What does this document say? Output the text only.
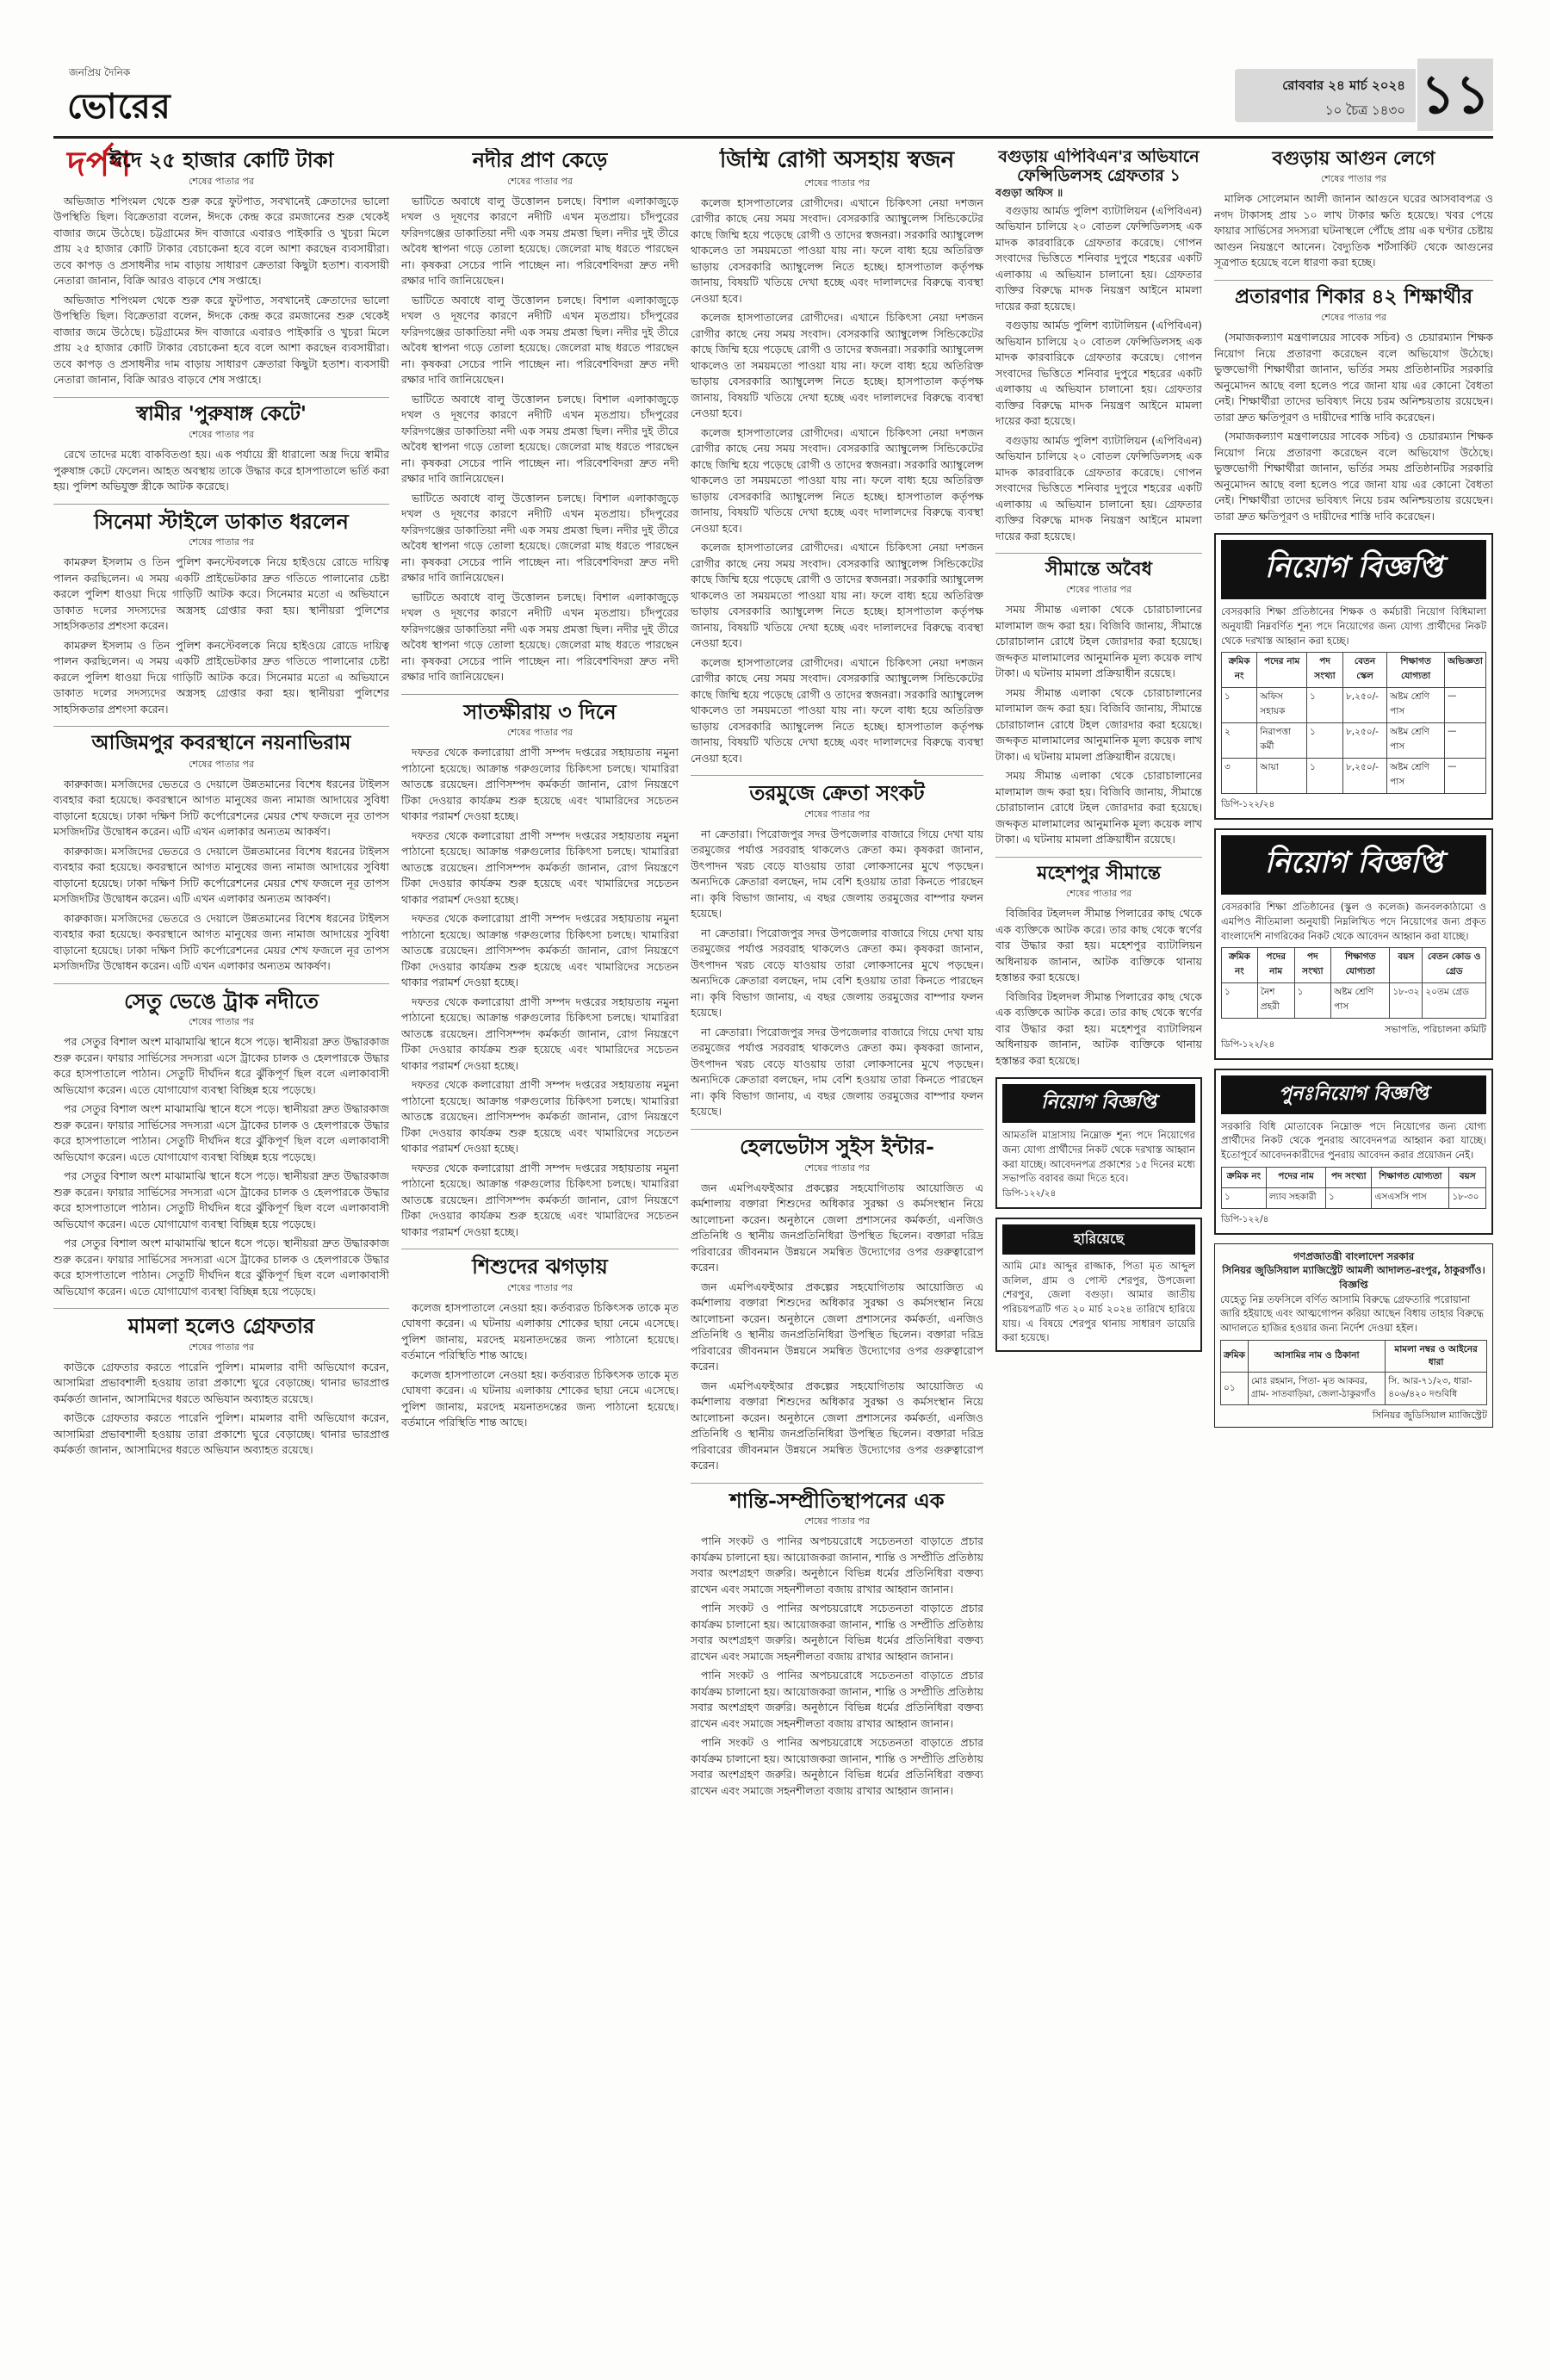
জনপ্রিয় দৈনিক
ভোরের দর্পণ
রোববার ২৪ মার্চ ২০২৪
১০ চৈত্র ১৪৩০ ১১
ঈদে ২৫ হাজার কোটি টাকা
শেষের পাতার পর

অভিজাত শপিংমল থেকে শুরু করে ফুটপাত, সবখানেই ক্রেতাদের ভালো উপস্থিতি ছিল। বিক্রেতারা বলেন, ঈদকে কেন্দ্র করে রমজানের শুরু থেকেই বাজার জমে উঠেছে। চট্টগ্রামের ঈদ বাজারে এবারও পাইকারি ও খুচরা মিলে প্রায় ২৫ হাজার কোটি টাকার বেচাকেনা হবে বলে আশা করছেন ব্যবসায়ীরা। তবে কাপড় ও প্রসাধনীর দাম বাড়ায় সাধারণ ক্রেতারা কিছুটা হতাশ। ব্যবসায়ী নেতারা জানান, বিক্রি আরও বাড়বে শেষ সপ্তাহে।

অভিজাত শপিংমল থেকে শুরু করে ফুটপাত, সবখানেই ক্রেতাদের ভালো উপস্থিতি ছিল। বিক্রেতারা বলেন, ঈদকে কেন্দ্র করে রমজানের শুরু থেকেই বাজার জমে উঠেছে। চট্টগ্রামের ঈদ বাজারে এবারও পাইকারি ও খুচরা মিলে প্রায় ২৫ হাজার কোটি টাকার বেচাকেনা হবে বলে আশা করছেন ব্যবসায়ীরা। তবে কাপড় ও প্রসাধনীর দাম বাড়ায় সাধারণ ক্রেতারা কিছুটা হতাশ। ব্যবসায়ী নেতারা জানান, বিক্রি আরও বাড়বে শেষ সপ্তাহে।

স্বামীর 'পুরুষাঙ্গ কেটে'
শেষের পাতার পর

রেখে তাদের মধ্যে বাকবিতণ্ডা হয়। এক পর্যায়ে স্ত্রী ধারালো অস্ত্র দিয়ে স্বামীর পুরুষাঙ্গ কেটে ফেলেন। আহত অবস্থায় তাকে উদ্ধার করে হাসপাতালে ভর্তি করা হয়। পুলিশ অভিযুক্ত স্ত্রীকে আটক করেছে।

সিনেমা স্টাইলে ডাকাত ধরলেন
শেষের পাতার পর

কামরুল ইসলাম ও তিন পুলিশ কনস্টেবলকে নিয়ে হাইওয়ে রোডে দায়িত্ব পালন করছিলেন। এ সময় একটি প্রাইভেটকার দ্রুত গতিতে পালানোর চেষ্টা করলে পুলিশ ধাওয়া দিয়ে গাড়িটি আটক করে। সিনেমার মতো এ অভিযানে ডাকাত দলের সদস্যদের অস্ত্রসহ গ্রেপ্তার করা হয়। স্থানীয়রা পুলিশের সাহসিকতার প্রশংসা করেন।

কামরুল ইসলাম ও তিন পুলিশ কনস্টেবলকে নিয়ে হাইওয়ে রোডে দায়িত্ব পালন করছিলেন। এ সময় একটি প্রাইভেটকার দ্রুত গতিতে পালানোর চেষ্টা করলে পুলিশ ধাওয়া দিয়ে গাড়িটি আটক করে। সিনেমার মতো এ অভিযানে ডাকাত দলের সদস্যদের অস্ত্রসহ গ্রেপ্তার করা হয়। স্থানীয়রা পুলিশের সাহসিকতার প্রশংসা করেন।

আজিমপুর কবরস্থানে নয়নাভিরাম
শেষের পাতার পর

কারুকাজ। মসজিদের ভেতরে ও দেয়ালে উন্নতমানের বিশেষ ধরনের টাইলস ব্যবহার করা হয়েছে। কবরস্থানে আগত মানুষের জন্য নামাজ আদায়ের সুবিধা বাড়ানো হয়েছে। ঢাকা দক্ষিণ সিটি কর্পোরেশনের মেয়র শেখ ফজলে নূর তাপস মসজিদটির উদ্বোধন করেন। এটি এখন এলাকার অন্যতম আকর্ষণ।

কারুকাজ। মসজিদের ভেতরে ও দেয়ালে উন্নতমানের বিশেষ ধরনের টাইলস ব্যবহার করা হয়েছে। কবরস্থানে আগত মানুষের জন্য নামাজ আদায়ের সুবিধা বাড়ানো হয়েছে। ঢাকা দক্ষিণ সিটি কর্পোরেশনের মেয়র শেখ ফজলে নূর তাপস মসজিদটির উদ্বোধন করেন। এটি এখন এলাকার অন্যতম আকর্ষণ।

কারুকাজ। মসজিদের ভেতরে ও দেয়ালে উন্নতমানের বিশেষ ধরনের টাইলস ব্যবহার করা হয়েছে। কবরস্থানে আগত মানুষের জন্য নামাজ আদায়ের সুবিধা বাড়ানো হয়েছে। ঢাকা দক্ষিণ সিটি কর্পোরেশনের মেয়র শেখ ফজলে নূর তাপস মসজিদটির উদ্বোধন করেন। এটি এখন এলাকার অন্যতম আকর্ষণ।

সেতু ভেঙে ট্রাক নদীতে
শেষের পাতার পর

পর সেতুর বিশাল অংশ মাঝামাঝি স্থানে ধসে পড়ে। স্থানীয়রা দ্রুত উদ্ধারকাজ শুরু করেন। ফায়ার সার্ভিসের সদস্যরা এসে ট্রাকের চালক ও হেলপারকে উদ্ধার করে হাসপাতালে পাঠান। সেতুটি দীর্ঘদিন ধরে ঝুঁকিপূর্ণ ছিল বলে এলাকাবাসী অভিযোগ করেন। এতে যোগাযোগ ব্যবস্থা বিচ্ছিন্ন হয়ে পড়েছে।

পর সেতুর বিশাল অংশ মাঝামাঝি স্থানে ধসে পড়ে। স্থানীয়রা দ্রুত উদ্ধারকাজ শুরু করেন। ফায়ার সার্ভিসের সদস্যরা এসে ট্রাকের চালক ও হেলপারকে উদ্ধার করে হাসপাতালে পাঠান। সেতুটি দীর্ঘদিন ধরে ঝুঁকিপূর্ণ ছিল বলে এলাকাবাসী অভিযোগ করেন। এতে যোগাযোগ ব্যবস্থা বিচ্ছিন্ন হয়ে পড়েছে।

পর সেতুর বিশাল অংশ মাঝামাঝি স্থানে ধসে পড়ে। স্থানীয়রা দ্রুত উদ্ধারকাজ শুরু করেন। ফায়ার সার্ভিসের সদস্যরা এসে ট্রাকের চালক ও হেলপারকে উদ্ধার করে হাসপাতালে পাঠান। সেতুটি দীর্ঘদিন ধরে ঝুঁকিপূর্ণ ছিল বলে এলাকাবাসী অভিযোগ করেন। এতে যোগাযোগ ব্যবস্থা বিচ্ছিন্ন হয়ে পড়েছে।

পর সেতুর বিশাল অংশ মাঝামাঝি স্থানে ধসে পড়ে। স্থানীয়রা দ্রুত উদ্ধারকাজ শুরু করেন। ফায়ার সার্ভিসের সদস্যরা এসে ট্রাকের চালক ও হেলপারকে উদ্ধার করে হাসপাতালে পাঠান। সেতুটি দীর্ঘদিন ধরে ঝুঁকিপূর্ণ ছিল বলে এলাকাবাসী অভিযোগ করেন। এতে যোগাযোগ ব্যবস্থা বিচ্ছিন্ন হয়ে পড়েছে।

মামলা হলেও গ্রেফতার
শেষের পাতার পর

কাউকে গ্রেফতার করতে পারেনি পুলিশ। মামলার বাদী অভিযোগ করেন, আসামিরা প্রভাবশালী হওয়ায় তারা প্রকাশ্যে ঘুরে বেড়াচ্ছে। থানার ভারপ্রাপ্ত কর্মকর্তা জানান, আসামিদের ধরতে অভিযান অব্যাহত রয়েছে।

কাউকে গ্রেফতার করতে পারেনি পুলিশ। মামলার বাদী অভিযোগ করেন, আসামিরা প্রভাবশালী হওয়ায় তারা প্রকাশ্যে ঘুরে বেড়াচ্ছে। থানার ভারপ্রাপ্ত কর্মকর্তা জানান, আসামিদের ধরতে অভিযান অব্যাহত রয়েছে।

নদীর প্রাণ কেড়ে
শেষের পাতার পর

ভাটিতে অবাধে বালু উত্তোলন চলছে। বিশাল এলাকাজুড়ে দখল ও দূষণের কারণে নদীটি এখন মৃতপ্রায়। চাঁদপুরের ফরিদগঞ্জের ডাকাতিয়া নদী এক সময় প্রমত্তা ছিল। নদীর দুই তীরে অবৈধ স্থাপনা গড়ে তোলা হয়েছে। জেলেরা মাছ ধরতে পারছেন না। কৃষকরা সেচের পানি পাচ্ছেন না। পরিবেশবিদরা দ্রুত নদী রক্ষার দাবি জানিয়েছেন।

ভাটিতে অবাধে বালু উত্তোলন চলছে। বিশাল এলাকাজুড়ে দখল ও দূষণের কারণে নদীটি এখন মৃতপ্রায়। চাঁদপুরের ফরিদগঞ্জের ডাকাতিয়া নদী এক সময় প্রমত্তা ছিল। নদীর দুই তীরে অবৈধ স্থাপনা গড়ে তোলা হয়েছে। জেলেরা মাছ ধরতে পারছেন না। কৃষকরা সেচের পানি পাচ্ছেন না। পরিবেশবিদরা দ্রুত নদী রক্ষার দাবি জানিয়েছেন।

ভাটিতে অবাধে বালু উত্তোলন চলছে। বিশাল এলাকাজুড়ে দখল ও দূষণের কারণে নদীটি এখন মৃতপ্রায়। চাঁদপুরের ফরিদগঞ্জের ডাকাতিয়া নদী এক সময় প্রমত্তা ছিল। নদীর দুই তীরে অবৈধ স্থাপনা গড়ে তোলা হয়েছে। জেলেরা মাছ ধরতে পারছেন না। কৃষকরা সেচের পানি পাচ্ছেন না। পরিবেশবিদরা দ্রুত নদী রক্ষার দাবি জানিয়েছেন।

ভাটিতে অবাধে বালু উত্তোলন চলছে। বিশাল এলাকাজুড়ে দখল ও দূষণের কারণে নদীটি এখন মৃতপ্রায়। চাঁদপুরের ফরিদগঞ্জের ডাকাতিয়া নদী এক সময় প্রমত্তা ছিল। নদীর দুই তীরে অবৈধ স্থাপনা গড়ে তোলা হয়েছে। জেলেরা মাছ ধরতে পারছেন না। কৃষকরা সেচের পানি পাচ্ছেন না। পরিবেশবিদরা দ্রুত নদী রক্ষার দাবি জানিয়েছেন।

ভাটিতে অবাধে বালু উত্তোলন চলছে। বিশাল এলাকাজুড়ে দখল ও দূষণের কারণে নদীটি এখন মৃতপ্রায়। চাঁদপুরের ফরিদগঞ্জের ডাকাতিয়া নদী এক সময় প্রমত্তা ছিল। নদীর দুই তীরে অবৈধ স্থাপনা গড়ে তোলা হয়েছে। জেলেরা মাছ ধরতে পারছেন না। কৃষকরা সেচের পানি পাচ্ছেন না। পরিবেশবিদরা দ্রুত নদী রক্ষার দাবি জানিয়েছেন।

সাতক্ষীরায় ৩ দিনে
শেষের পাতার পর

দফতর থেকে কলারোয়া প্রাণী সম্পদ দপ্তরের সহায়তায় নমুনা পাঠানো হয়েছে। আক্রান্ত গরুগুলোর চিকিৎসা চলছে। খামারিরা আতঙ্কে রয়েছেন। প্রাণিসম্পদ কর্মকর্তা জানান, রোগ নিয়ন্ত্রণে টিকা দেওয়ার কার্যক্রম শুরু হয়েছে এবং খামারিদের সচেতন থাকার পরামর্শ দেওয়া হচ্ছে।

দফতর থেকে কলারোয়া প্রাণী সম্পদ দপ্তরের সহায়তায় নমুনা পাঠানো হয়েছে। আক্রান্ত গরুগুলোর চিকিৎসা চলছে। খামারিরা আতঙ্কে রয়েছেন। প্রাণিসম্পদ কর্মকর্তা জানান, রোগ নিয়ন্ত্রণে টিকা দেওয়ার কার্যক্রম শুরু হয়েছে এবং খামারিদের সচেতন থাকার পরামর্শ দেওয়া হচ্ছে।

দফতর থেকে কলারোয়া প্রাণী সম্পদ দপ্তরের সহায়তায় নমুনা পাঠানো হয়েছে। আক্রান্ত গরুগুলোর চিকিৎসা চলছে। খামারিরা আতঙ্কে রয়েছেন। প্রাণিসম্পদ কর্মকর্তা জানান, রোগ নিয়ন্ত্রণে টিকা দেওয়ার কার্যক্রম শুরু হয়েছে এবং খামারিদের সচেতন থাকার পরামর্শ দেওয়া হচ্ছে।

দফতর থেকে কলারোয়া প্রাণী সম্পদ দপ্তরের সহায়তায় নমুনা পাঠানো হয়েছে। আক্রান্ত গরুগুলোর চিকিৎসা চলছে। খামারিরা আতঙ্কে রয়েছেন। প্রাণিসম্পদ কর্মকর্তা জানান, রোগ নিয়ন্ত্রণে টিকা দেওয়ার কার্যক্রম শুরু হয়েছে এবং খামারিদের সচেতন থাকার পরামর্শ দেওয়া হচ্ছে।

দফতর থেকে কলারোয়া প্রাণী সম্পদ দপ্তরের সহায়তায় নমুনা পাঠানো হয়েছে। আক্রান্ত গরুগুলোর চিকিৎসা চলছে। খামারিরা আতঙ্কে রয়েছেন। প্রাণিসম্পদ কর্মকর্তা জানান, রোগ নিয়ন্ত্রণে টিকা দেওয়ার কার্যক্রম শুরু হয়েছে এবং খামারিদের সচেতন থাকার পরামর্শ দেওয়া হচ্ছে।

দফতর থেকে কলারোয়া প্রাণী সম্পদ দপ্তরের সহায়তায় নমুনা পাঠানো হয়েছে। আক্রান্ত গরুগুলোর চিকিৎসা চলছে। খামারিরা আতঙ্কে রয়েছেন। প্রাণিসম্পদ কর্মকর্তা জানান, রোগ নিয়ন্ত্রণে টিকা দেওয়ার কার্যক্রম শুরু হয়েছে এবং খামারিদের সচেতন থাকার পরামর্শ দেওয়া হচ্ছে।

শিশুদের ঝগড়ায়
শেষের পাতার পর

কলেজ হাসপাতালে নেওয়া হয়। কর্তব্যরত চিকিৎসক তাকে মৃত ঘোষণা করেন। এ ঘটনায় এলাকায় শোকের ছায়া নেমে এসেছে। পুলিশ জানায়, মরদেহ ময়নাতদন্তের জন্য পাঠানো হয়েছে। বর্তমানে পরিস্থিতি শান্ত আছে।

কলেজ হাসপাতালে নেওয়া হয়। কর্তব্যরত চিকিৎসক তাকে মৃত ঘোষণা করেন। এ ঘটনায় এলাকায় শোকের ছায়া নেমে এসেছে। পুলিশ জানায়, মরদেহ ময়নাতদন্তের জন্য পাঠানো হয়েছে। বর্তমানে পরিস্থিতি শান্ত আছে।

জিম্মি রোগী অসহায় স্বজন
শেষের পাতার পর

কলেজ হাসপাতালের রোগীদের। এখানে চিকিৎসা নেয়া দশজন রোগীর কাছে নেয় সময় সংবাদ। বেসরকারি অ্যাম্বুলেন্স সিন্ডিকেটের কাছে জিম্মি হয়ে পড়েছে রোগী ও তাদের স্বজনরা। সরকারি অ্যাম্বুলেন্স থাকলেও তা সময়মতো পাওয়া যায় না। ফলে বাধ্য হয়ে অতিরিক্ত ভাড়ায় বেসরকারি অ্যাম্বুলেন্স নিতে হচ্ছে। হাসপাতাল কর্তৃপক্ষ জানায়, বিষয়টি খতিয়ে দেখা হচ্ছে এবং দালালদের বিরুদ্ধে ব্যবস্থা নেওয়া হবে।

কলেজ হাসপাতালের রোগীদের। এখানে চিকিৎসা নেয়া দশজন রোগীর কাছে নেয় সময় সংবাদ। বেসরকারি অ্যাম্বুলেন্স সিন্ডিকেটের কাছে জিম্মি হয়ে পড়েছে রোগী ও তাদের স্বজনরা। সরকারি অ্যাম্বুলেন্স থাকলেও তা সময়মতো পাওয়া যায় না। ফলে বাধ্য হয়ে অতিরিক্ত ভাড়ায় বেসরকারি অ্যাম্বুলেন্স নিতে হচ্ছে। হাসপাতাল কর্তৃপক্ষ জানায়, বিষয়টি খতিয়ে দেখা হচ্ছে এবং দালালদের বিরুদ্ধে ব্যবস্থা নেওয়া হবে।

কলেজ হাসপাতালের রোগীদের। এখানে চিকিৎসা নেয়া দশজন রোগীর কাছে নেয় সময় সংবাদ। বেসরকারি অ্যাম্বুলেন্স সিন্ডিকেটের কাছে জিম্মি হয়ে পড়েছে রোগী ও তাদের স্বজনরা। সরকারি অ্যাম্বুলেন্স থাকলেও তা সময়মতো পাওয়া যায় না। ফলে বাধ্য হয়ে অতিরিক্ত ভাড়ায় বেসরকারি অ্যাম্বুলেন্স নিতে হচ্ছে। হাসপাতাল কর্তৃপক্ষ জানায়, বিষয়টি খতিয়ে দেখা হচ্ছে এবং দালালদের বিরুদ্ধে ব্যবস্থা নেওয়া হবে।

কলেজ হাসপাতালের রোগীদের। এখানে চিকিৎসা নেয়া দশজন রোগীর কাছে নেয় সময় সংবাদ। বেসরকারি অ্যাম্বুলেন্স সিন্ডিকেটের কাছে জিম্মি হয়ে পড়েছে রোগী ও তাদের স্বজনরা। সরকারি অ্যাম্বুলেন্স থাকলেও তা সময়মতো পাওয়া যায় না। ফলে বাধ্য হয়ে অতিরিক্ত ভাড়ায় বেসরকারি অ্যাম্বুলেন্স নিতে হচ্ছে। হাসপাতাল কর্তৃপক্ষ জানায়, বিষয়টি খতিয়ে দেখা হচ্ছে এবং দালালদের বিরুদ্ধে ব্যবস্থা নেওয়া হবে।

কলেজ হাসপাতালের রোগীদের। এখানে চিকিৎসা নেয়া দশজন রোগীর কাছে নেয় সময় সংবাদ। বেসরকারি অ্যাম্বুলেন্স সিন্ডিকেটের কাছে জিম্মি হয়ে পড়েছে রোগী ও তাদের স্বজনরা। সরকারি অ্যাম্বুলেন্স থাকলেও তা সময়মতো পাওয়া যায় না। ফলে বাধ্য হয়ে অতিরিক্ত ভাড়ায় বেসরকারি অ্যাম্বুলেন্স নিতে হচ্ছে। হাসপাতাল কর্তৃপক্ষ জানায়, বিষয়টি খতিয়ে দেখা হচ্ছে এবং দালালদের বিরুদ্ধে ব্যবস্থা নেওয়া হবে।

তরমুজে ক্রেতা সংকট
শেষের পাতার পর

না ক্রেতারা। পিরোজপুর সদর উপজেলার বাজারে গিয়ে দেখা যায় তরমুজের পর্যাপ্ত সরবরাহ থাকলেও ক্রেতা কম। কৃষকরা জানান, উৎপাদন খরচ বেড়ে যাওয়ায় তারা লোকসানের মুখে পড়ছেন। অন্যদিকে ক্রেতারা বলছেন, দাম বেশি হওয়ায় তারা কিনতে পারছেন না। কৃষি বিভাগ জানায়, এ বছর জেলায় তরমুজের বাম্পার ফলন হয়েছে।

না ক্রেতারা। পিরোজপুর সদর উপজেলার বাজারে গিয়ে দেখা যায় তরমুজের পর্যাপ্ত সরবরাহ থাকলেও ক্রেতা কম। কৃষকরা জানান, উৎপাদন খরচ বেড়ে যাওয়ায় তারা লোকসানের মুখে পড়ছেন। অন্যদিকে ক্রেতারা বলছেন, দাম বেশি হওয়ায় তারা কিনতে পারছেন না। কৃষি বিভাগ জানায়, এ বছর জেলায় তরমুজের বাম্পার ফলন হয়েছে।

না ক্রেতারা। পিরোজপুর সদর উপজেলার বাজারে গিয়ে দেখা যায় তরমুজের পর্যাপ্ত সরবরাহ থাকলেও ক্রেতা কম। কৃষকরা জানান, উৎপাদন খরচ বেড়ে যাওয়ায় তারা লোকসানের মুখে পড়ছেন। অন্যদিকে ক্রেতারা বলছেন, দাম বেশি হওয়ায় তারা কিনতে পারছেন না। কৃষি বিভাগ জানায়, এ বছর জেলায় তরমুজের বাম্পার ফলন হয়েছে।

হেলভেটাস সুইস ইন্টার-
শেষের পাতার পর

জন এমপিএফইআর প্রকল্পের সহযোগিতায় আয়োজিত এ কর্মশালায় বক্তারা শিশুদের অধিকার সুরক্ষা ও কর্মসংস্থান নিয়ে আলোচনা করেন। অনুষ্ঠানে জেলা প্রশাসনের কর্মকর্তা, এনজিও প্রতিনিধি ও স্থানীয় জনপ্রতিনিধিরা উপস্থিত ছিলেন। বক্তারা দরিদ্র পরিবারের জীবনমান উন্নয়নে সমন্বিত উদ্যোগের ওপর গুরুত্বারোপ করেন।

জন এমপিএফইআর প্রকল্পের সহযোগিতায় আয়োজিত এ কর্মশালায় বক্তারা শিশুদের অধিকার সুরক্ষা ও কর্মসংস্থান নিয়ে আলোচনা করেন। অনুষ্ঠানে জেলা প্রশাসনের কর্মকর্তা, এনজিও প্রতিনিধি ও স্থানীয় জনপ্রতিনিধিরা উপস্থিত ছিলেন। বক্তারা দরিদ্র পরিবারের জীবনমান উন্নয়নে সমন্বিত উদ্যোগের ওপর গুরুত্বারোপ করেন।

জন এমপিএফইআর প্রকল্পের সহযোগিতায় আয়োজিত এ কর্মশালায় বক্তারা শিশুদের অধিকার সুরক্ষা ও কর্মসংস্থান নিয়ে আলোচনা করেন। অনুষ্ঠানে জেলা প্রশাসনের কর্মকর্তা, এনজিও প্রতিনিধি ও স্থানীয় জনপ্রতিনিধিরা উপস্থিত ছিলেন। বক্তারা দরিদ্র পরিবারের জীবনমান উন্নয়নে সমন্বিত উদ্যোগের ওপর গুরুত্বারোপ করেন।

শান্তি-সম্প্রীতিস্থাপনের এক
শেষের পাতার পর

পানি সংকট ও পানির অপচয়রোধে সচেতনতা বাড়াতে প্রচার কার্যক্রম চালানো হয়। আয়োজকরা জানান, শান্তি ও সম্প্রীতি প্রতিষ্ঠায় সবার অংশগ্রহণ জরুরি। অনুষ্ঠানে বিভিন্ন ধর্মের প্রতিনিধিরা বক্তব্য রাখেন এবং সমাজে সহনশীলতা বজায় রাখার আহ্বান জানান।

পানি সংকট ও পানির অপচয়রোধে সচেতনতা বাড়াতে প্রচার কার্যক্রম চালানো হয়। আয়োজকরা জানান, শান্তি ও সম্প্রীতি প্রতিষ্ঠায় সবার অংশগ্রহণ জরুরি। অনুষ্ঠানে বিভিন্ন ধর্মের প্রতিনিধিরা বক্তব্য রাখেন এবং সমাজে সহনশীলতা বজায় রাখার আহ্বান জানান।

পানি সংকট ও পানির অপচয়রোধে সচেতনতা বাড়াতে প্রচার কার্যক্রম চালানো হয়। আয়োজকরা জানান, শান্তি ও সম্প্রীতি প্রতিষ্ঠায় সবার অংশগ্রহণ জরুরি। অনুষ্ঠানে বিভিন্ন ধর্মের প্রতিনিধিরা বক্তব্য রাখেন এবং সমাজে সহনশীলতা বজায় রাখার আহ্বান জানান।

পানি সংকট ও পানির অপচয়রোধে সচেতনতা বাড়াতে প্রচার কার্যক্রম চালানো হয়। আয়োজকরা জানান, শান্তি ও সম্প্রীতি প্রতিষ্ঠায় সবার অংশগ্রহণ জরুরি। অনুষ্ঠানে বিভিন্ন ধর্মের প্রতিনিধিরা বক্তব্য রাখেন এবং সমাজে সহনশীলতা বজায় রাখার আহ্বান জানান।

বগুড়ায় এপিবিএন'র অভিযানে ফেন্সিডিলসহ গ্রেফতার ১
বগুড়া অফিস ॥

বগুড়ায় আর্মড পুলিশ ব্যাটালিয়ন (এপিবিএন) অভিযান চালিয়ে ২০ বোতল ফেন্সিডিলসহ এক মাদক কারবারিকে গ্রেফতার করেছে। গোপন সংবাদের ভিত্তিতে শনিবার দুপুরে শহরের একটি এলাকায় এ অভিযান চালানো হয়। গ্রেফতার ব্যক্তির বিরুদ্ধে মাদক নিয়ন্ত্রণ আইনে মামলা দায়ের করা হয়েছে।

বগুড়ায় আর্মড পুলিশ ব্যাটালিয়ন (এপিবিএন) অভিযান চালিয়ে ২০ বোতল ফেন্সিডিলসহ এক মাদক কারবারিকে গ্রেফতার করেছে। গোপন সংবাদের ভিত্তিতে শনিবার দুপুরে শহরের একটি এলাকায় এ অভিযান চালানো হয়। গ্রেফতার ব্যক্তির বিরুদ্ধে মাদক নিয়ন্ত্রণ আইনে মামলা দায়ের করা হয়েছে।

বগুড়ায় আর্মড পুলিশ ব্যাটালিয়ন (এপিবিএন) অভিযান চালিয়ে ২০ বোতল ফেন্সিডিলসহ এক মাদক কারবারিকে গ্রেফতার করেছে। গোপন সংবাদের ভিত্তিতে শনিবার দুপুরে শহরের একটি এলাকায় এ অভিযান চালানো হয়। গ্রেফতার ব্যক্তির বিরুদ্ধে মাদক নিয়ন্ত্রণ আইনে মামলা দায়ের করা হয়েছে।

সীমান্তে অবৈধ
শেষের পাতার পর

সময় সীমান্ত এলাকা থেকে চোরাচালানের মালামাল জব্দ করা হয়। বিজিবি জানায়, সীমান্তে চোরাচালান রোধে টহল জোরদার করা হয়েছে। জব্দকৃত মালামালের আনুমানিক মূল্য কয়েক লাখ টাকা। এ ঘটনায় মামলা প্রক্রিয়াধীন রয়েছে।

সময় সীমান্ত এলাকা থেকে চোরাচালানের মালামাল জব্দ করা হয়। বিজিবি জানায়, সীমান্তে চোরাচালান রোধে টহল জোরদার করা হয়েছে। জব্দকৃত মালামালের আনুমানিক মূল্য কয়েক লাখ টাকা। এ ঘটনায় মামলা প্রক্রিয়াধীন রয়েছে।

সময় সীমান্ত এলাকা থেকে চোরাচালানের মালামাল জব্দ করা হয়। বিজিবি জানায়, সীমান্তে চোরাচালান রোধে টহল জোরদার করা হয়েছে। জব্দকৃত মালামালের আনুমানিক মূল্য কয়েক লাখ টাকা। এ ঘটনায় মামলা প্রক্রিয়াধীন রয়েছে।

মহেশপুর সীমান্তে
শেষের পাতার পর

বিজিবির টহলদল সীমান্ত পিলারের কাছ থেকে এক ব্যক্তিকে আটক করে। তার কাছ থেকে স্বর্ণের বার উদ্ধার করা হয়। মহেশপুর ব্যাটালিয়ন অধিনায়ক জানান, আটক ব্যক্তিকে থানায় হস্তান্তর করা হয়েছে।

বিজিবির টহলদল সীমান্ত পিলারের কাছ থেকে এক ব্যক্তিকে আটক করে। তার কাছ থেকে স্বর্ণের বার উদ্ধার করা হয়। মহেশপুর ব্যাটালিয়ন অধিনায়ক জানান, আটক ব্যক্তিকে থানায় হস্তান্তর করা হয়েছে।

নিয়োগ বিজ্ঞপ্তি
আমতলি মাদ্রাসায় নিম্নোক্ত শূন্য পদে নিয়োগের জন্য যোগ্য প্রার্থীদের নিকট থেকে দরখাস্ত আহ্বান করা যাচ্ছে। আবেদনপত্র প্রকাশের ১৫ দিনের মধ্যে সভাপতি বরাবর জমা দিতে হবে।
ডিপি-১২২/২৪
হারিয়েছে
আমি মোঃ আব্দুর রাজ্জাক, পিতা মৃত আব্দুল জলিল, গ্রাম ও পোস্ট শেরপুর, উপজেলা শেরপুর, জেলা বগুড়া। আমার জাতীয় পরিচয়পত্রটি গত ২০ মার্চ ২০২৪ তারিখে হারিয়ে যায়। এ বিষয়ে শেরপুর থানায় সাধারণ ডায়েরি করা হয়েছে।
বগুড়ায় আগুন লেগে
শেষের পাতার পর

মালিক সোলেমান আলী জানান আগুনে ঘরের আসবাবপত্র ও নগদ টাকাসহ প্রায় ১০ লাখ টাকার ক্ষতি হয়েছে। খবর পেয়ে ফায়ার সার্ভিসের সদস্যরা ঘটনাস্থলে পৌঁছে প্রায় এক ঘণ্টার চেষ্টায় আগুন নিয়ন্ত্রণে আনেন। বৈদ্যুতিক শর্টসার্কিট থেকে আগুনের সূত্রপাত হয়েছে বলে ধারণা করা হচ্ছে।

প্রতারণার শিকার ৪২ শিক্ষার্থীর
শেষের পাতার পর

(সমাজকল্যাণ মন্ত্রণালয়ের সাবেক সচিব) ও চেয়ারম্যান শিক্ষক নিয়োগ নিয়ে প্রতারণা করেছেন বলে অভিযোগ উঠেছে। ভুক্তভোগী শিক্ষার্থীরা জানান, ভর্তির সময় প্রতিষ্ঠানটির সরকারি অনুমোদন আছে বলা হলেও পরে জানা যায় এর কোনো বৈধতা নেই। শিক্ষার্থীরা তাদের ভবিষ্যৎ নিয়ে চরম অনিশ্চয়তায় রয়েছেন। তারা দ্রুত ক্ষতিপূরণ ও দায়ীদের শাস্তি দাবি করেছেন।

(সমাজকল্যাণ মন্ত্রণালয়ের সাবেক সচিব) ও চেয়ারম্যান শিক্ষক নিয়োগ নিয়ে প্রতারণা করেছেন বলে অভিযোগ উঠেছে। ভুক্তভোগী শিক্ষার্থীরা জানান, ভর্তির সময় প্রতিষ্ঠানটির সরকারি অনুমোদন আছে বলা হলেও পরে জানা যায় এর কোনো বৈধতা নেই। শিক্ষার্থীরা তাদের ভবিষ্যৎ নিয়ে চরম অনিশ্চয়তায় রয়েছেন। তারা দ্রুত ক্ষতিপূরণ ও দায়ীদের শাস্তি দাবি করেছেন।

নিয়োগ বিজ্ঞপ্তি
বেসরকারি শিক্ষা প্রতিষ্ঠানের শিক্ষক ও কর্মচারী নিয়োগ বিধিমালা অনুযায়ী নিম্নবর্ণিত শূন্য পদে নিয়োগের জন্য যোগ্য প্রার্থীদের নিকট থেকে দরখাস্ত আহ্বান করা হচ্ছে।
ক্রমিক নং	পদের নাম	পদ সংখ্যা	বেতন স্কেল	শিক্ষাগত যোগ্যতা	অভিজ্ঞতা
১	অফিস সহায়ক	১	৮,২৫০/-	অষ্টম শ্রেণি পাস	—
২	নিরাপত্তা কর্মী	১	৮,২৫০/-	অষ্টম শ্রেণি পাস	—
৩	আয়া	১	৮,২৫০/-	অষ্টম শ্রেণি পাস	—
ডিপি-১২২/২৪
নিয়োগ বিজ্ঞপ্তি
বেসরকারি শিক্ষা প্রতিষ্ঠানের (স্কুল ও কলেজ) জনবলকাঠামো ও এমপিও নীতিমালা অনুযায়ী নিম্নলিখিত পদে নিয়োগের জন্য প্রকৃত বাংলাদেশি নাগরিকের নিকট থেকে আবেদন আহ্বান করা যাচ্ছে।
ক্রমিক নং	পদের নাম	পদ সংখ্যা	শিক্ষাগত যোগ্যতা	বয়স	বেতন কোড ও গ্রেড
১	নৈশ প্রহরী	১	অষ্টম শ্রেণি পাস	১৮-৩২	২০তম গ্রেড
সভাপতি, পরিচালনা কমিটি
ডিপি-১২২/২৪
পুনঃনিয়োগ বিজ্ঞপ্তি
সরকারি বিধি মোতাবেক নিম্নোক্ত পদে নিয়োগের জন্য যোগ্য প্রার্থীদের নিকট থেকে পুনরায় আবেদনপত্র আহ্বান করা যাচ্ছে। ইতোপূর্বে আবেদনকারীদের পুনরায় আবেদন করার প্রয়োজন নেই।
ক্রমিক নং	পদের নাম	পদ সংখ্যা	শিক্ষাগত যোগ্যতা	বয়স
১	ল্যাব সহকারী	১	এসএসসি পাস	১৮-৩০
ডিপি-১২২/৪
গণপ্রজাতন্ত্রী বাংলাদেশ সরকার
সিনিয়র জুডিসিয়াল ম্যাজিস্ট্রেট আমলী আদালত-রংপুর, ঠাকুরগাঁও।
বিজ্ঞপ্তি
যেহেতু নিম্ন তফসিলে বর্ণিত আসামি বিরুদ্ধে গ্রেফতারি পরোয়ানা জারি হইয়াছে এবং আত্মগোপন করিয়া আছেন বিধায় তাহার বিরুদ্ধে আদালতে হাজির হওয়ার জন্য নির্দেশ দেওয়া হইল।
ক্রমিক	আসামির নাম ও ঠিকানা	মামলা নম্বর ও আইনের ধারা
০১	মোঃ রহমান, পিতা- মৃত আকবর, গ্রাম- সাতবাড়িয়া, জেলা-ঠাকুরগাঁও	সি. আর-৭১/২৩, ধারা- ৪০৬/৪২০ দণ্ডবিধি
সিনিয়র জুডিসিয়াল ম্যাজিস্ট্রেট
